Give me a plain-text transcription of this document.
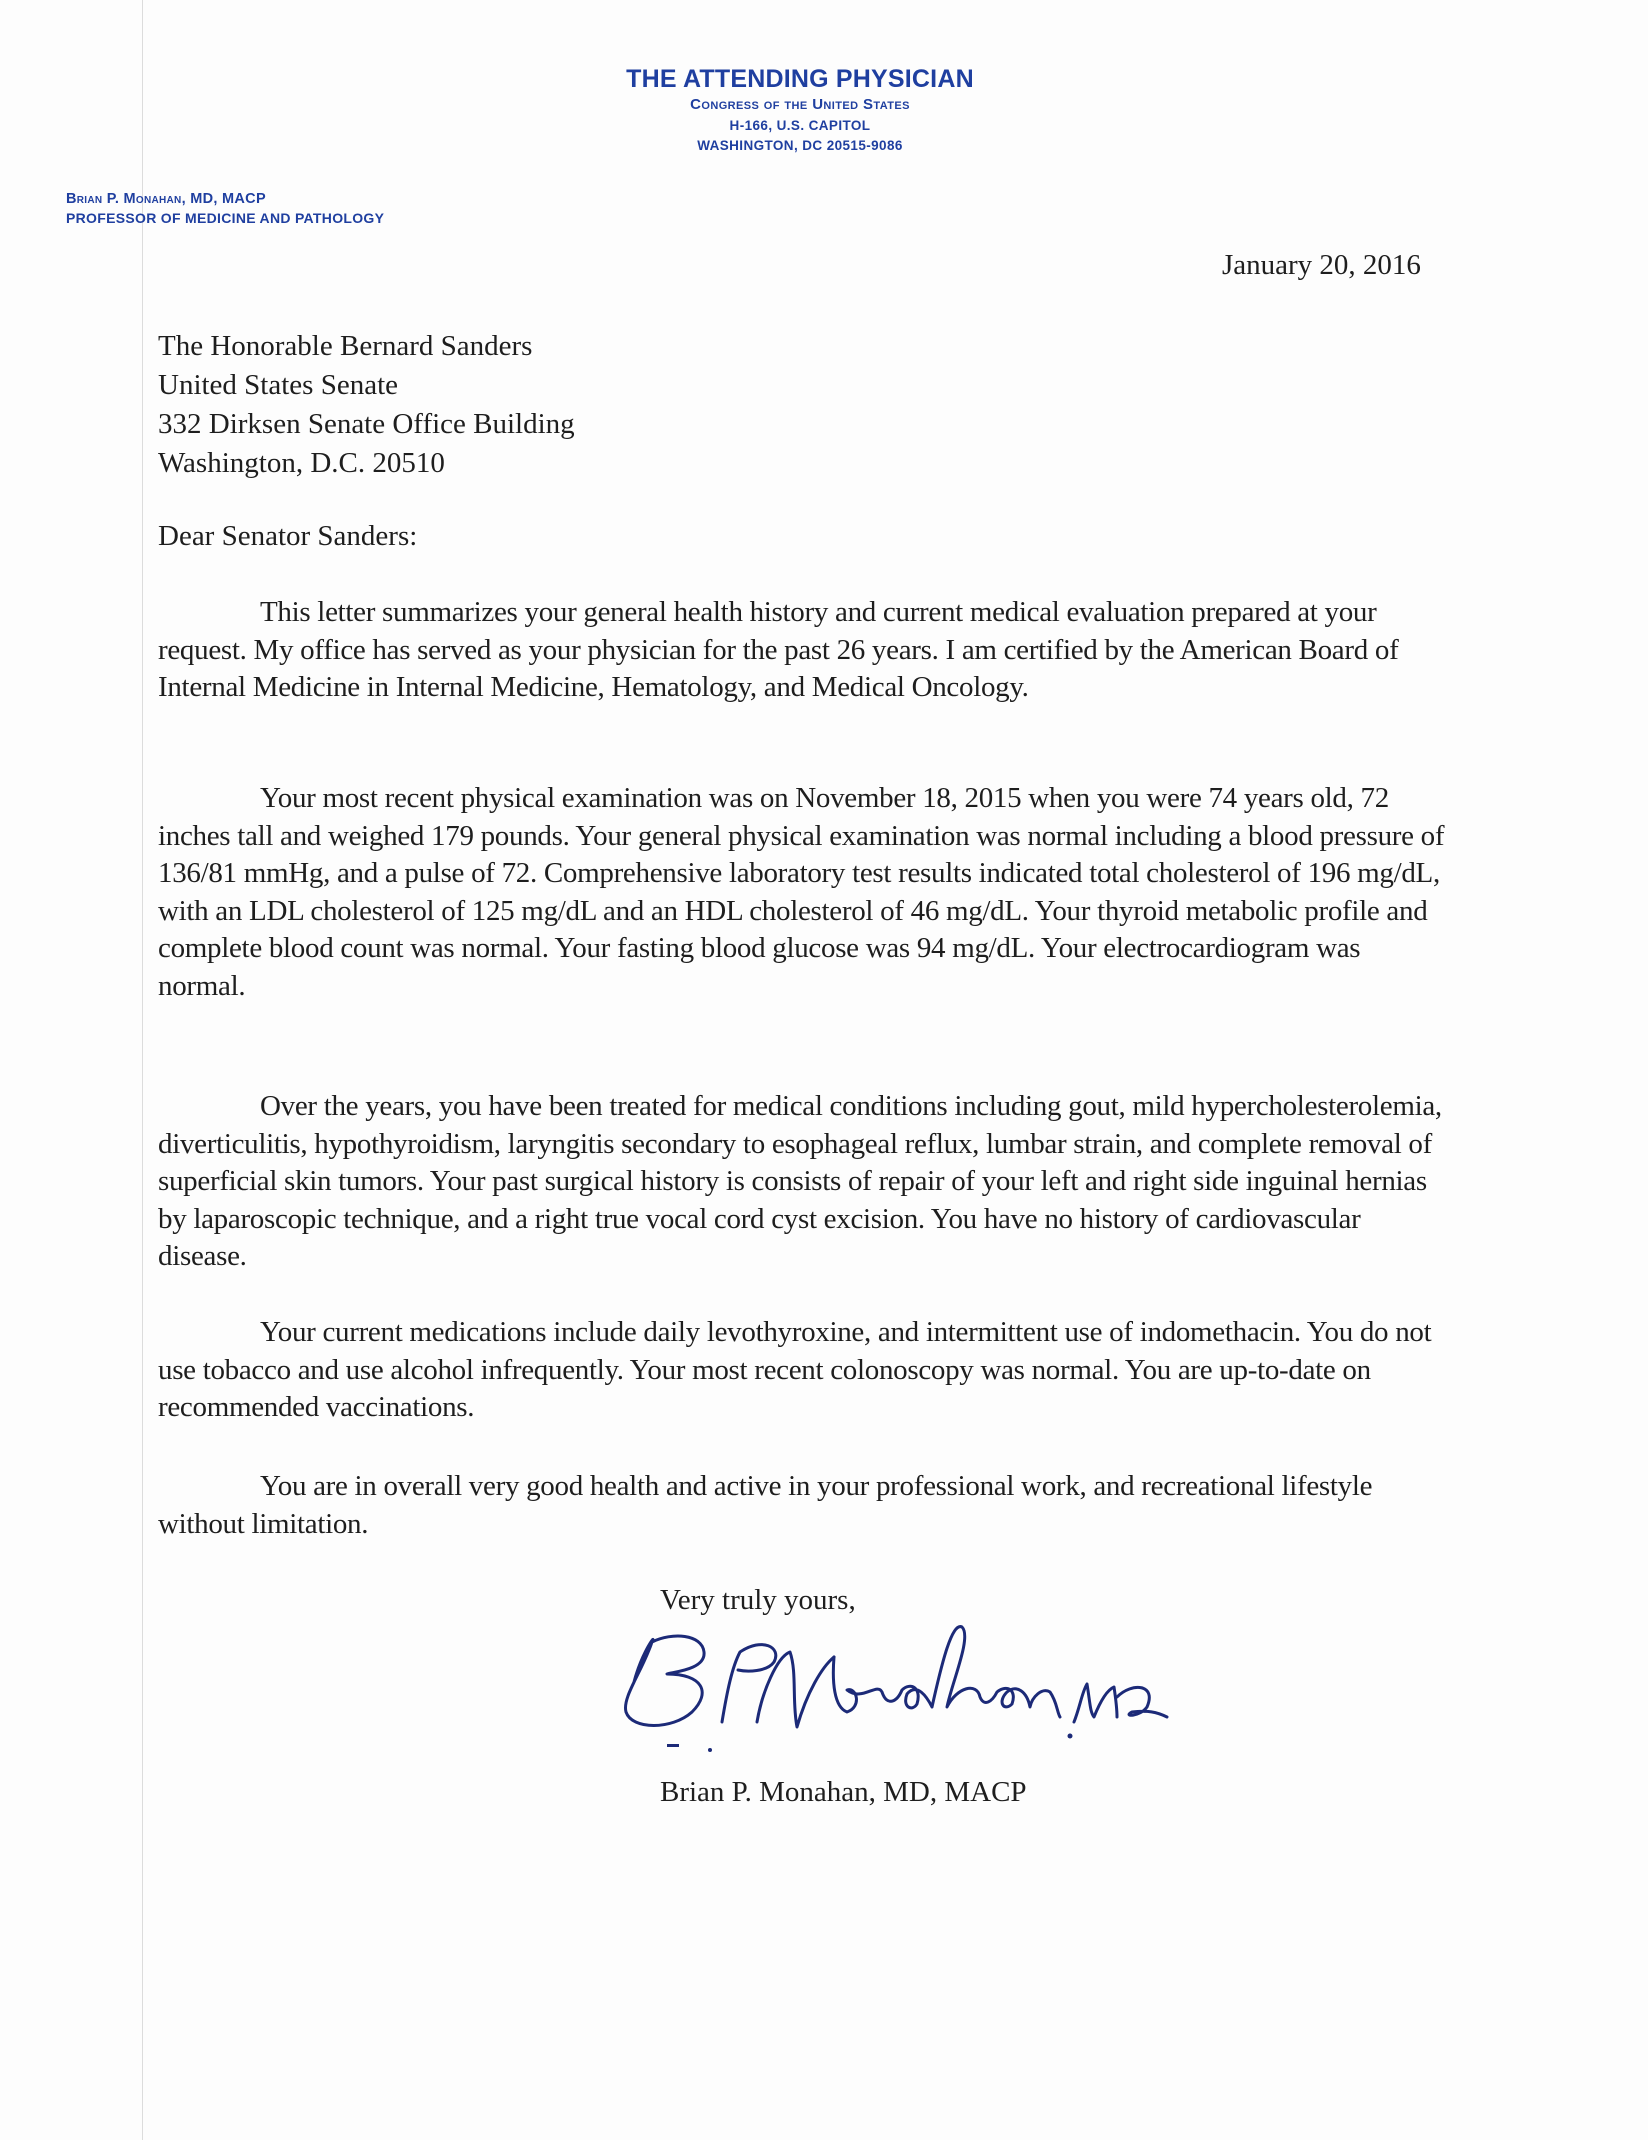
THE ATTENDING PHYSICIAN
Congress of the United States
H-166, U.S. CAPITOL
WASHINGTON, DC 20515-9086
Brian P. Monahan, MD, MACP
PROFESSOR OF MEDICINE AND PATHOLOGY
January 20, 2016
The Honorable Bernard Sanders
United States Senate
332 Dirksen Senate Office Building
Washington, D.C. 20510
Dear Senator Sanders:
This letter summarizes your general health history and current medical evaluation prepared at your request. My office has served as your physician for the past 26 years. I am certified by the American Board of Internal Medicine in Internal Medicine, Hematology, and Medical Oncology.
Your most recent physical examination was on November 18, 2015 when you were 74 years old, 72 inches tall and weighed 179 pounds. Your general physical examination was normal including a blood pressure of 136/81 mmHg, and a pulse of 72. Comprehensive laboratory test results indicated total cholesterol of 196 mg/dL, with an LDL cholesterol of 125 mg/dL and an HDL cholesterol of 46 mg/dL. Your thyroid metabolic profile and complete blood count was normal. Your fasting blood glucose was 94 mg/dL. Your electrocardiogram was normal.
Over the years, you have been treated for medical conditions including gout, mild hypercholesterolemia, diverticulitis, hypothyroidism, laryngitis secondary to esophageal reflux, lumbar strain, and complete removal of superficial skin tumors. Your past surgical history is consists of repair of your left and right side inguinal hernias by laparoscopic technique, and a right true vocal cord cyst excision. You have no history of cardiovascular disease.
Your current medications include daily levothyroxine, and intermittent use of indomethacin. You do not use tobacco and use alcohol infrequently. Your most recent colonoscopy was normal. You are up-to-date on recommended vaccinations.
You are in overall very good health and active in your professional work, and recreational lifestyle without limitation.
Very truly yours,
Brian P. Monahan, MD, MACP
